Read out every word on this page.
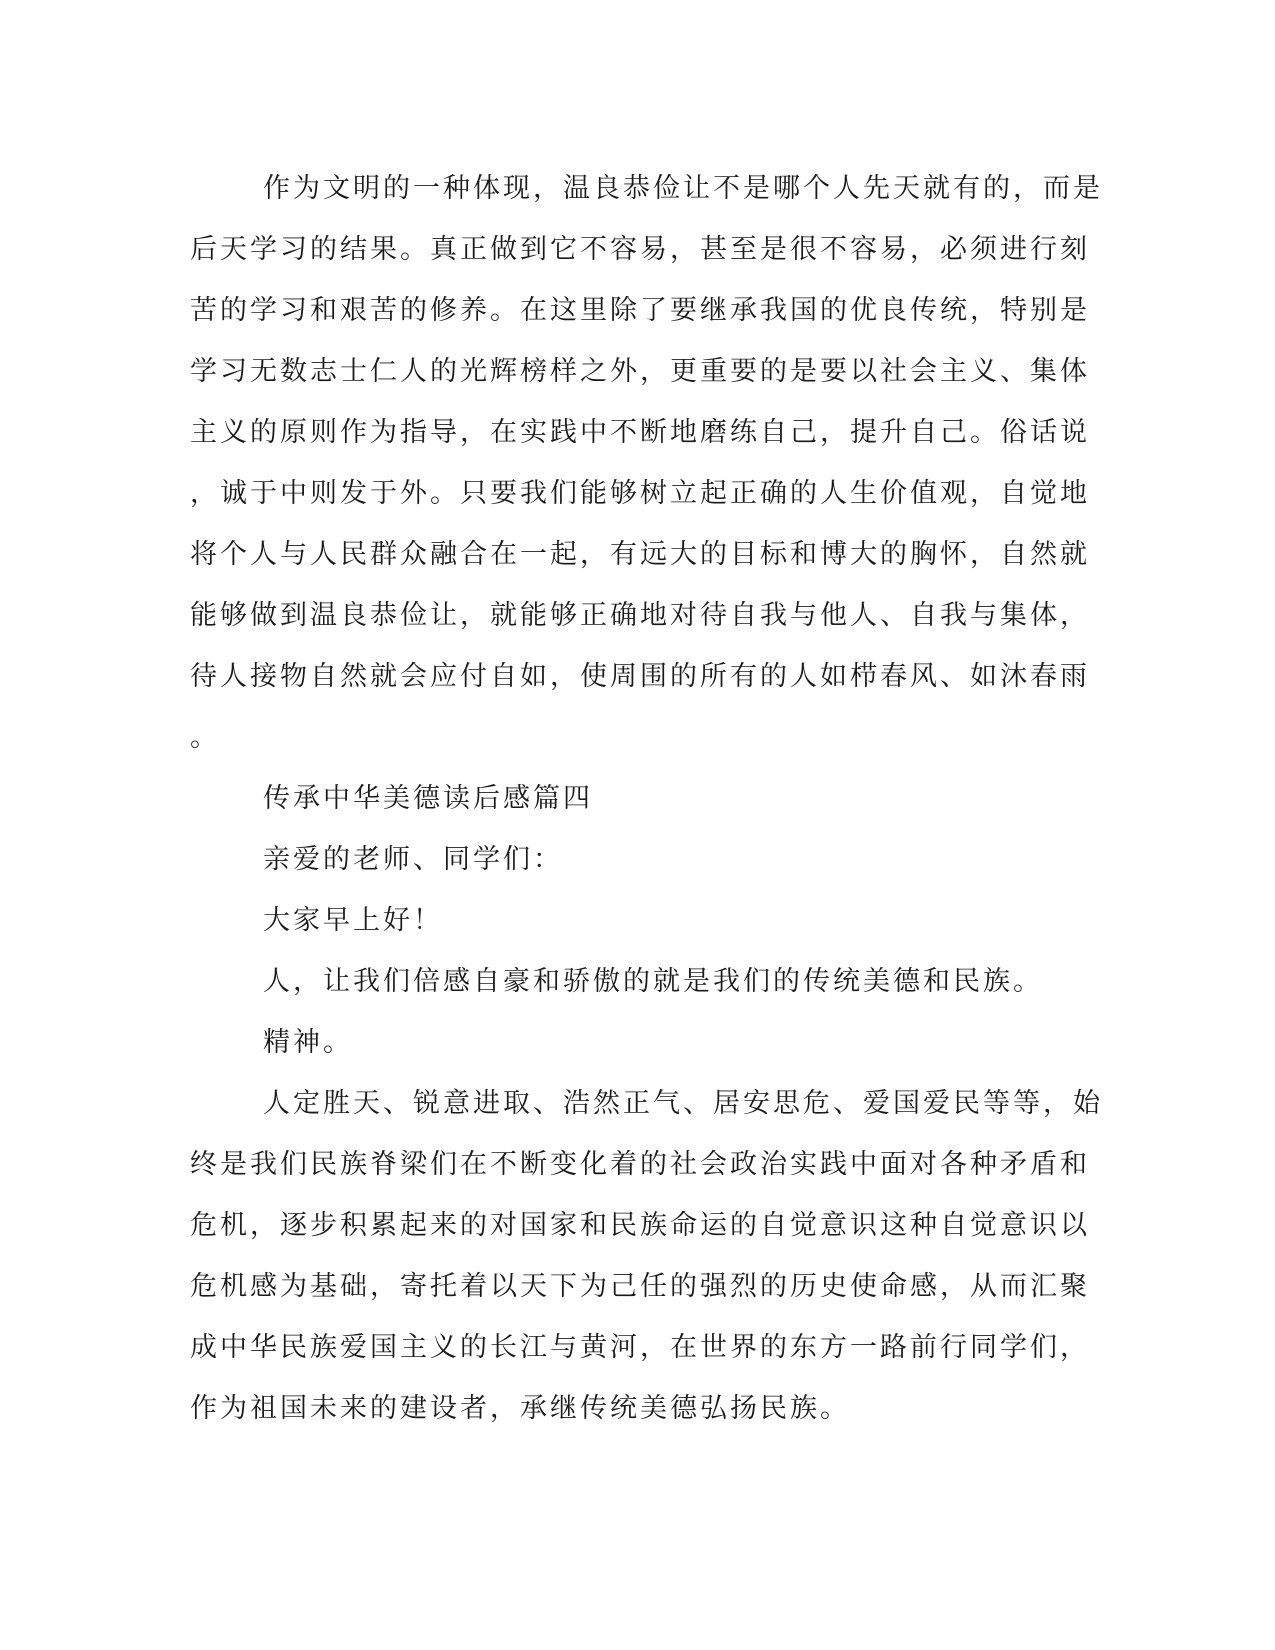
作为文明的一种体现，温良恭俭让不是哪个人先天就有的，而是
后天学习的结果。真正做到它不容易，甚至是很不容易，必须进行刻
苦的学习和艰苦的修养。在这里除了要继承我国的优良传统，特别是
学习无数志士仁人的光辉榜样之外，更重要的是要以社会主义、集体
主义的原则作为指导，在实践中不断地磨练自己，提升自己。俗话说
，诚于中则发于外。只要我们能够树立起正确的人生价值观，自觉地
将个人与人民群众融合在一起，有远大的目标和博大的胸怀，自然就
能够做到温良恭俭让，就能够正确地对待自我与他人、自我与集体，
待人接物自然就会应付自如，使周围的所有的人如栉春风、如沐春雨
。
传承中华美德读后感篇四
亲爱的老师、同学们：
大家早上好！
人，让我们倍感自豪和骄傲的就是我们的传统美德和民族。
精神。
人定胜天、锐意进取、浩然正气、居安思危、爱国爱民等等，始
终是我们民族脊梁们在不断变化着的社会政治实践中面对各种矛盾和
危机，逐步积累起来的对国家和民族命运的自觉意识这种自觉意识以
危机感为基础，寄托着以天下为己任的强烈的历史使命感，从而汇聚
成中华民族爱国主义的长江与黄河，在世界的东方一路前行同学们，
作为祖国未来的建设者，承继传统美德弘扬民族。
